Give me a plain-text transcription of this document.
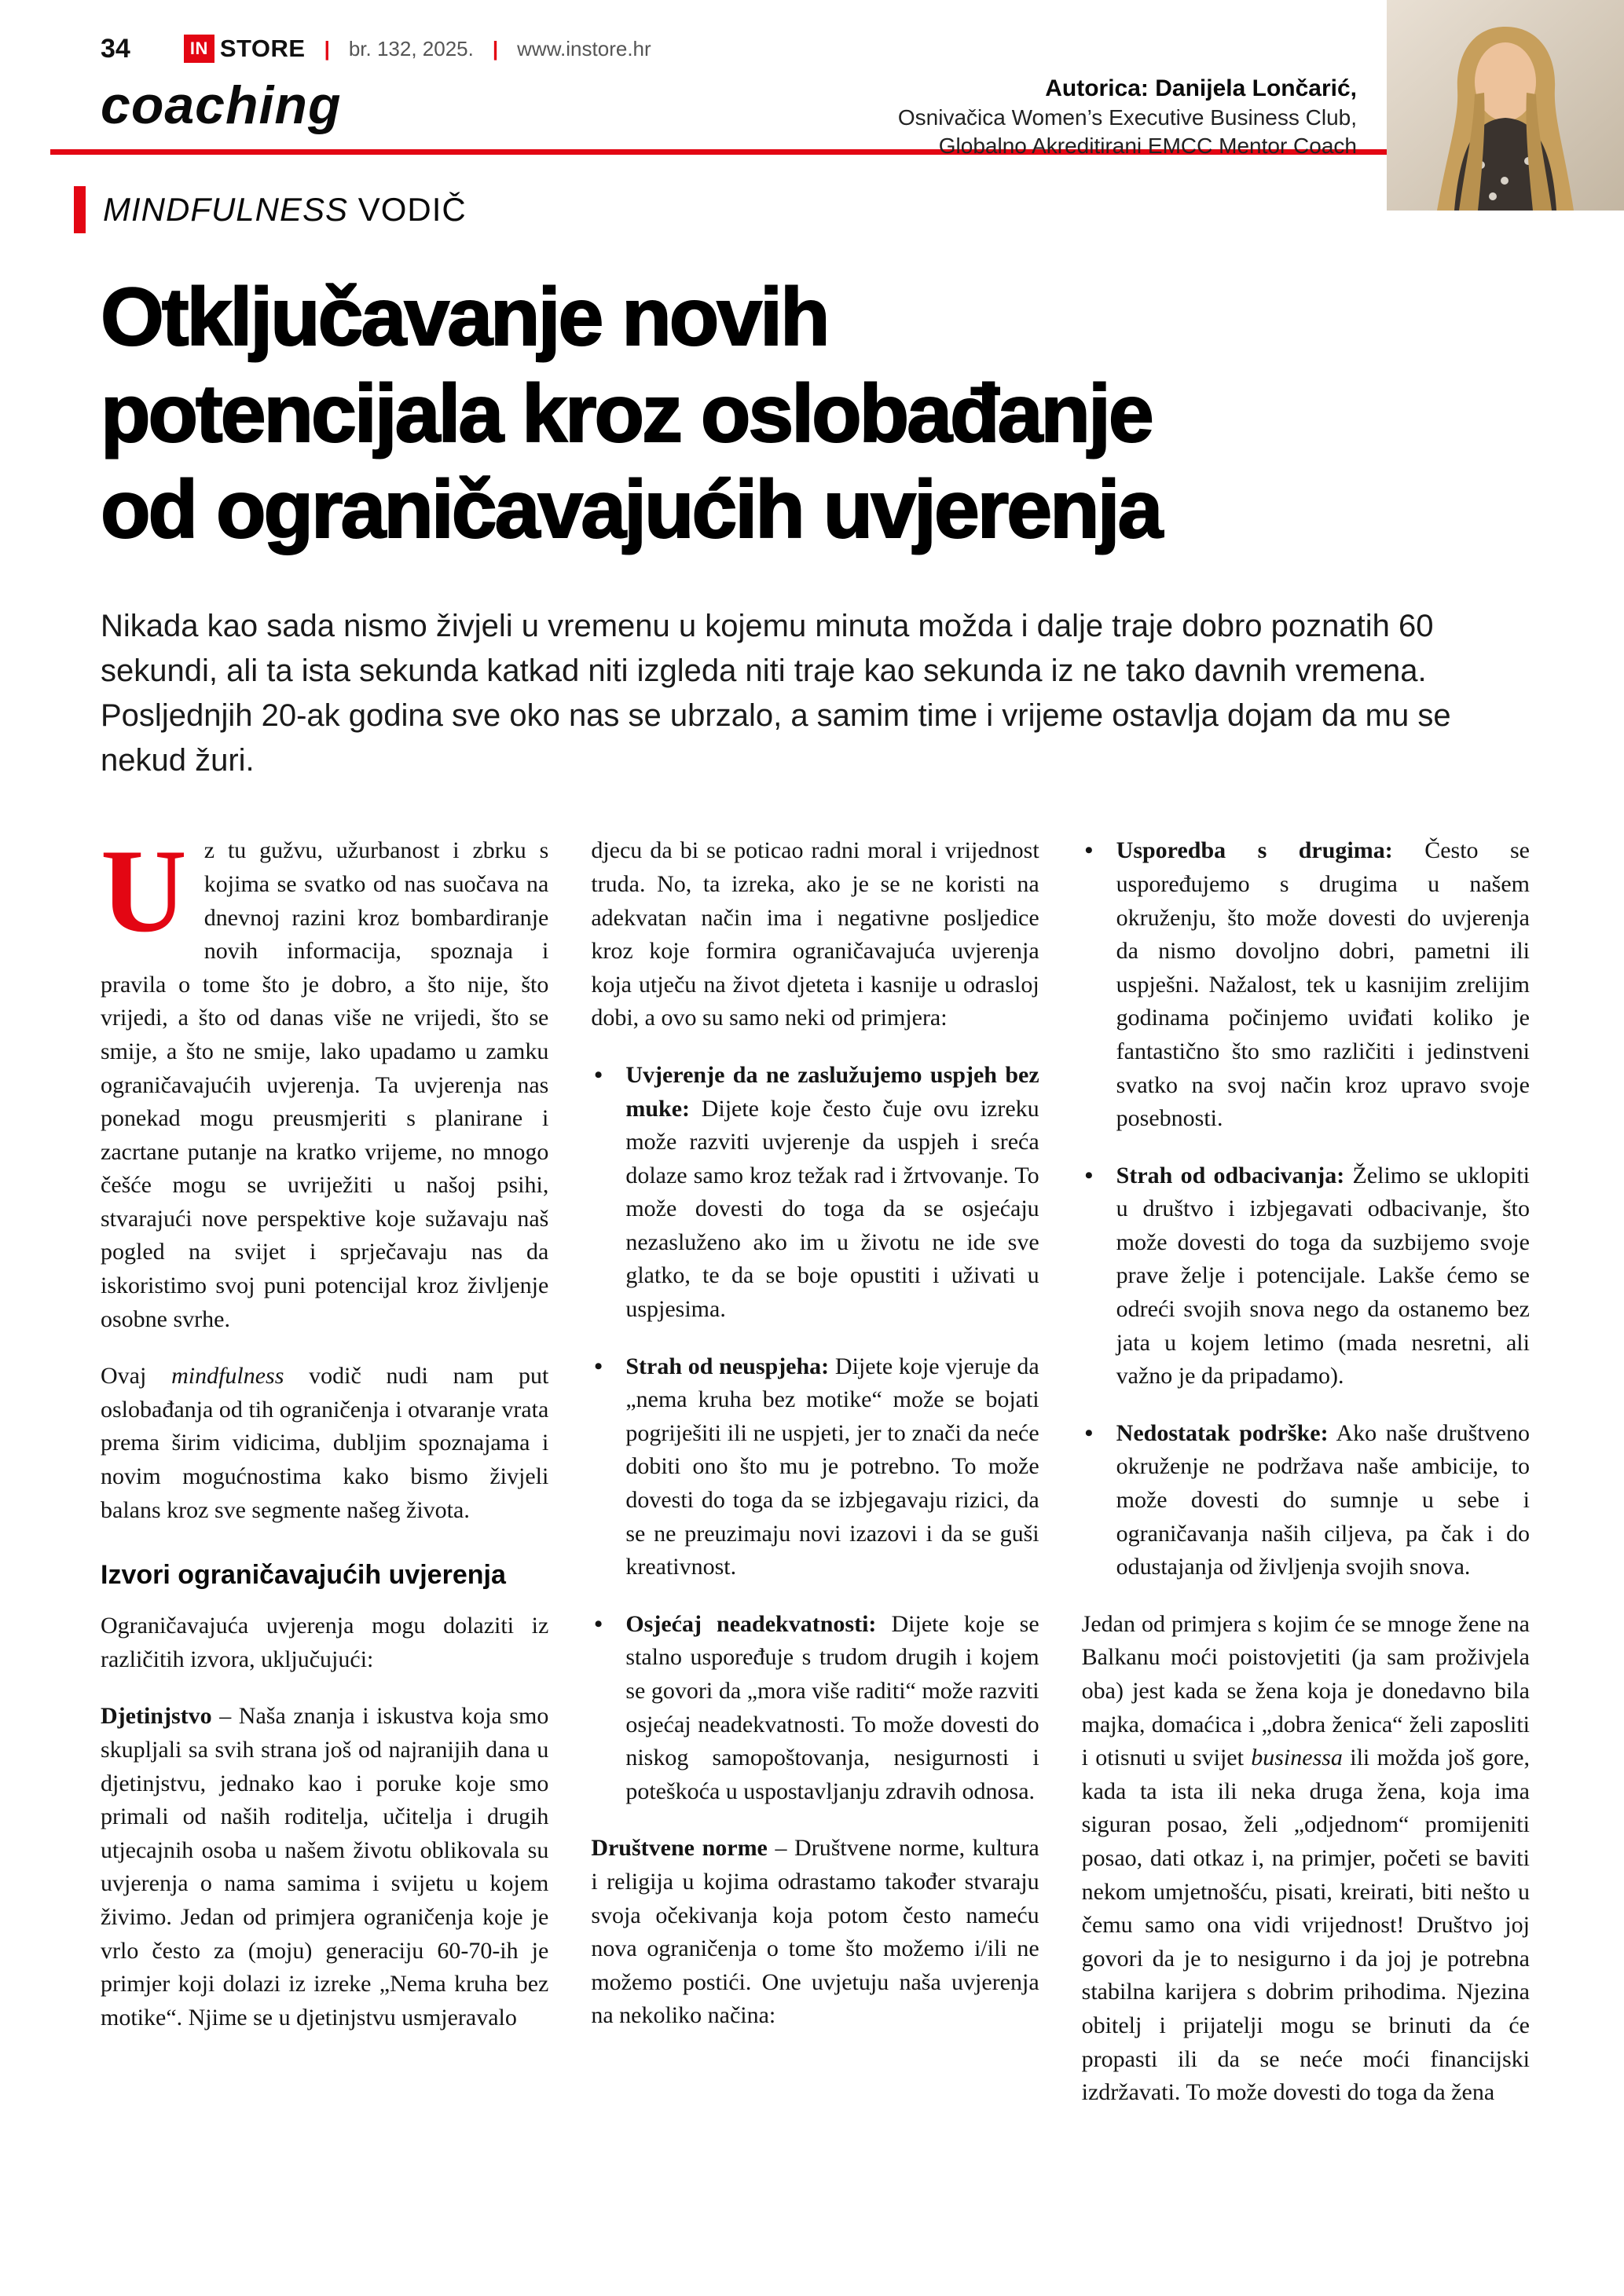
34	IN STORE | br. 132, 2025. | www.instore.hr
coaching	Autorica: Danijela Lončarić,
Osnivačica Women’s Executive Business Club,
Globalno Akreditirani EMCC Mentor Coach
MINDFULNESS VODIČ
Otključavanje novih
potencijala kroz oslobađanje
od ograničavajućih uvjerenja
Nikada kao sada nismo živjeli u vremenu u kojemu minuta možda i dalje traje dobro poznatih 60 sekundi, ali ta ista sekunda katkad niti izgleda niti traje kao sekunda iz ne tako davnih vremena. Posljednjih 20-ak godina sve oko nas se ubrzalo, a samim time i vrijeme ostavlja dojam da mu se nekud žuri.

Uz tu gužvu, užurbanost i zbrku s kojima se svatko od nas suočava na dnevnoj razini kroz bombardiranje novih informacija, spoznaja i pravila o tome što je dobro, a što nije, što vrijedi, a što od danas više ne vrijedi, što se smije, a što ne smije, lako upadamo u zamku ograničavajućih uvjerenja. Ta uvjerenja nas ponekad mogu preusmjeriti s planirane i zacrtane putanje na kratko vrijeme, no mnogo češće mogu se uvriježiti u našoj psihi, stvarajući nove perspektive koje sužavaju naš pogled na svijet i sprječavaju nas da iskoristimo svoj puni potencijal kroz življenje osobne svrhe.

Ovaj mindfulness vodič nudi nam put oslobađanja od tih ograničenja i otvaranje vrata prema širim vidicima, dubljim spoznajama i novim mogućnostima kako bismo živjeli balans kroz sve segmente našeg života.

Izvori ograničavajućih uvjerenja

Ograničavajuća uvjerenja mogu dolaziti iz različitih izvora, uključujući:

Djetinjstvo – Naša znanja i iskustva koja smo skupljali sa svih strana još od najranijih dana u djetinjstvu, jednako kao i poruke koje smo primali od naših roditelja, učitelja i drugih utjecajnih osoba u našem životu oblikovala su uvjerenja o nama samima i svijetu u kojem živimo. Jedan od primjera ograničenja koje je vrlo često za (moju) generaciju 60-70-ih je primjer koji dolazi iz izreke „Nema kruha bez motike“. Njime se u djetinjstvu usmjeravalo

djecu da bi se poticao radni moral i vrijednost truda. No, ta izreka, ako je se ne koristi na adekvatan način ima i negativne posljedice kroz koje formira ograničavajuća uvjerenja koja utječu na život djeteta i kasnije u odrasloj dobi, a ovo su samo neki od primjera:

• Uvjerenje da ne zaslužujemo uspjeh bez muke: Dijete koje često čuje ovu izreku može razviti uvjerenje da uspjeh i sreća dolaze samo kroz težak rad i žrtvovanje. To može dovesti do toga da se osjećaju nezasluženo ako im u životu ne ide sve glatko, te da se boje opustiti i uživati u uspjesima.

• Strah od neuspjeha: Dijete koje vjeruje da „nema kruha bez motike“ može se bojati pogriješiti ili ne uspjeti, jer to znači da neće dobiti ono što mu je potrebno. To može dovesti do toga da se izbjegavaju rizici, da se ne preuzimaju novi izazovi i da se guši kreativnost.

• Osjećaj neadekvatnosti: Dijete koje se stalno uspoređuje s trudom drugih i kojem se govori da „mora više raditi“ može razviti osjećaj neadekvatnosti. To može dovesti do niskog samopoštovanja, nesigurnosti i poteškoća u uspostavljanju zdravih odnosa.

Društvene norme – Društvene norme, kultura i religija u kojima odrastamo također stvaraju svoja očekivanja koja potom često nameću nova ograničenja o tome što možemo i/ili ne možemo postići. One uvjetuju naša uvjerenja na nekoliko načina:

• Usporedba s drugima: Često se uspoređujemo s drugima u našem okruženju, što može dovesti do uvjerenja da nismo dovoljno dobri, pametni ili uspješni. Nažalost, tek u kasnijim zrelijim godinama počinjemo uviđati koliko je fantastično što smo različiti i jedinstveni svatko na svoj način kroz upravo svoje posebnosti.

• Strah od odbacivanja: Želimo se uklopiti u društvo i izbjegavati odbacivanje, što može dovesti do toga da suzbijemo svoje prave želje i potencijale. Lakše ćemo se odreći svojih snova nego da ostanemo bez jata u kojem letimo (mada nesretni, ali važno je da pripadamo).

• Nedostatak podrške: Ako naše društveno okruženje ne podržava naše ambicije, to može dovesti do sumnje u sebe i ograničavanja naših ciljeva, pa čak i do odustajanja od življenja svojih snova.

Jedan od primjera s kojim će se mnoge žene na Balkanu moći poistovjetiti (ja sam proživjela oba) jest kada se žena koja je donedavno bila majka, domaćica i „dobra ženica“ želi zaposliti i otisnuti u svijet businessa ili možda još gore, kada ta ista ili neka druga žena, koja ima siguran posao, želi „odjednom“ promijeniti posao, dati otkaz i, na primjer, početi se baviti nekom umjetnošću, pisati, kreirati, biti nešto u čemu samo ona vidi vrijednost! Društvo joj govori da je to nesigurno i da joj je potrebna stabilna karijera s dobrim prihodima. Njezina obitelj i prijatelji mogu se brinuti da će propasti ili da se neće moći financijski izdržavati. To može dovesti do toga da žena
